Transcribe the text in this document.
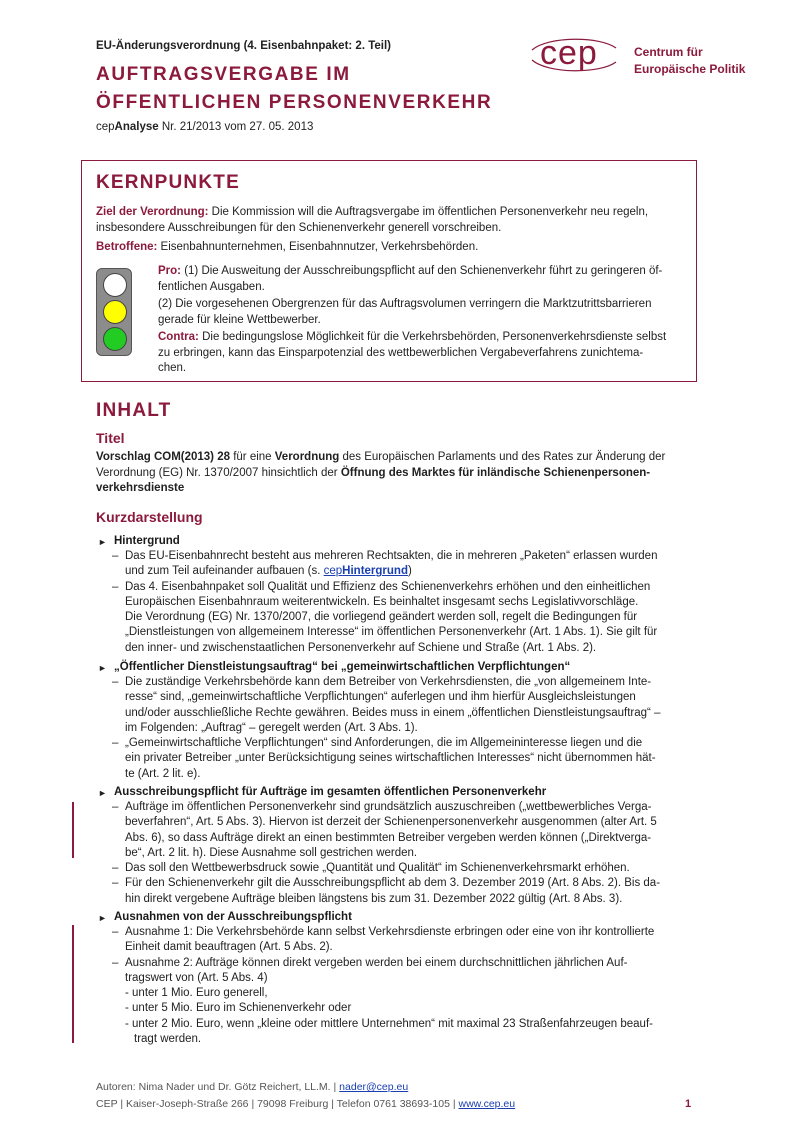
EU-Änderungsverordnung (4. Eisenbahnpaket: 2. Teil)
AUFTRAGSVERGABE IM
ÖFFENTLICHEN PERSONENVERKEHR
cepAnalyse Nr. 21/2013 vom 27. 05. 2013
cep	Centrum für
Europäische Politik
KERNPUNKTE
Ziel der Verordnung: Die Kommission will die Auftragsvergabe im öffentlichen Personenverkehr neu regeln,
insbesondere Ausschreibungen für den Schienenverkehr generell vorschreiben.
Betroffene: Eisenbahnunternehmen, Eisenbahnnutzer, Verkehrsbehörden.
Pro: (1) Die Ausweitung der Ausschreibungspflicht auf den Schienenverkehr führt zu geringeren öf-
fentlichen Ausgaben.
(2) Die vorgesehenen Obergrenzen für das Auftragsvolumen verringern die Marktzutrittsbarrieren
gerade für kleine Wettbewerber.
Contra: Die bedingungslose Möglichkeit für die Verkehrsbehörden, Personenverkehrsdienste selbst
zu erbringen, kann das Einsparpotenzial des wettbewerblichen Vergabeverfahrens zunichtema-
chen.
INHALT
Titel
Vorschlag COM(2013) 28 für eine Verordnung des Europäischen Parlaments und des Rates zur Änderung der
Verordnung (EG) Nr. 1370/2007 hinsichtlich der Öffnung des Marktes für inländische Schienenpersonen-
verkehrsdienste
Kurzdarstellung
► Hintergrund
– Das EU-Eisenbahnrecht besteht aus mehreren Rechtsakten, die in mehreren „Paketen“ erlassen wurden
und zum Teil aufeinander aufbauen (s. cepHintergrund)
– Das 4. Eisenbahnpaket soll Qualität und Effizienz des Schienenverkehrs erhöhen und den einheitlichen
Europäischen Eisenbahnraum weiterentwickeln. Es beinhaltet insgesamt sechs Legislativvorschläge.
Die Verordnung (EG) Nr. 1370/2007, die vorliegend geändert werden soll, regelt die Bedingungen für
„Dienstleistungen von allgemeinem Interesse“ im öffentlichen Personenverkehr (Art. 1 Abs. 1). Sie gilt für
den inner- und zwischenstaatlichen Personenverkehr auf Schiene und Straße (Art. 1 Abs. 2).
► „Öffentlicher Dienstleistungsauftrag“ bei „gemeinwirtschaftlichen Verpflichtungen“
– Die zuständige Verkehrsbehörde kann dem Betreiber von Verkehrsdiensten, die „von allgemeinem Inte-
resse“ sind, „gemeinwirtschaftliche Verpflichtungen“ auferlegen und ihm hierfür Ausgleichsleistungen
und/oder ausschließliche Rechte gewähren. Beides muss in einem „öffentlichen Dienstleistungsauftrag“ –
im Folgenden: „Auftrag“ – geregelt werden (Art. 3 Abs. 1).
– „Gemeinwirtschaftliche Verpflichtungen“ sind Anforderungen, die im Allgemeininteresse liegen und die
ein privater Betreiber „unter Berücksichtigung seines wirtschaftlichen Interesses“ nicht übernommen hät-
te (Art. 2 lit. e).
► Ausschreibungspflicht für Aufträge im gesamten öffentlichen Personenverkehr
– Aufträge im öffentlichen Personenverkehr sind grundsätzlich auszuschreiben („wettbewerbliches Verga-
beverfahren“, Art. 5 Abs. 3). Hiervon ist derzeit der Schienenpersonenverkehr ausgenommen (alter Art. 5
Abs. 6), so dass Aufträge direkt an einen bestimmten Betreiber vergeben werden können („Direktverga-
be“, Art. 2 lit. h). Diese Ausnahme soll gestrichen werden.
– Das soll den Wettbewerbsdruck sowie „Quantität und Qualität“ im Schienenverkehrsmarkt erhöhen.
– Für den Schienenverkehr gilt die Ausschreibungspflicht ab dem 3. Dezember 2019 (Art. 8 Abs. 2). Bis da-
hin direkt vergebene Aufträge bleiben längstens bis zum 31. Dezember 2022 gültig (Art. 8 Abs. 3).
► Ausnahmen von der Ausschreibungspflicht
– Ausnahme 1: Die Verkehrsbehörde kann selbst Verkehrsdienste erbringen oder eine von ihr kontrollierte
Einheit damit beauftragen (Art. 5 Abs. 2).
– Ausnahme 2: Aufträge können direkt vergeben werden bei einem durchschnittlichen jährlichen Auf-
tragswert von (Art. 5 Abs. 4)
- unter 1 Mio. Euro generell,
- unter 5 Mio. Euro im Schienenverkehr oder
- unter 2 Mio. Euro, wenn „kleine oder mittlere Unternehmen“ mit maximal 23 Straßenfahrzeugen beauf-
tragt werden.
Autoren: Nima Nader und Dr. Götz Reichert, LL.M. | nader@cep.eu
CEP | Kaiser-Joseph-Straße 266 | 79098 Freiburg | Telefon 0761 38693-105 | www.cep.eu	1
